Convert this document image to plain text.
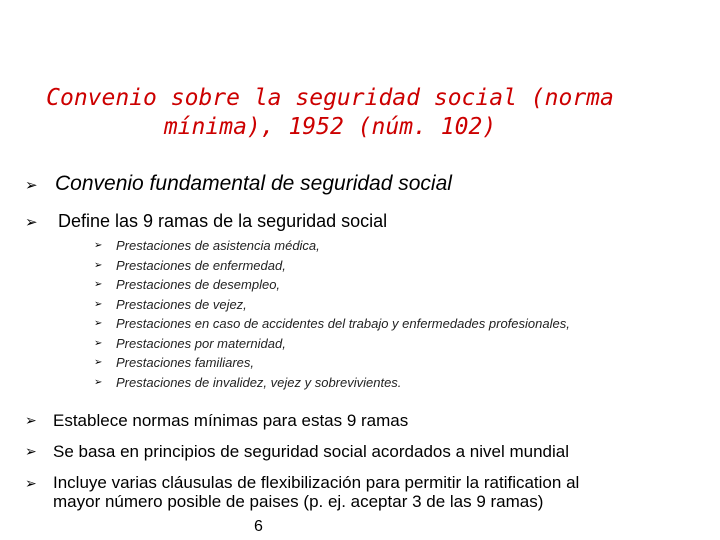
Convenio sobre la seguridad social (norma
mínima), 1952 (núm. 102)
➢ Convenio fundamental de seguridad social
➢	Define las 9 ramas de la seguridad social
➢	Prestaciones de asistencia médica,
➢	Prestaciones de enfermedad,
➢	Prestaciones de desempleo,
➢	Prestaciones de vejez,
➢	Prestaciones en caso de accidentes del trabajo y enfermedades profesionales,
➢	Prestaciones por maternidad,
➢	Prestaciones familiares,
➢	Prestaciones de invalidez, vejez y sobrevivientes.
➢ Establece normas mínimas para estas 9 ramas
➢ Se basa en principios de seguridad social acordados a nivel mundial
➢ Incluye varias cláusulas de flexibilización para permitir la ratification al mayor número posible de paises (p. ej. aceptar 3 de las 9 ramas)
6
